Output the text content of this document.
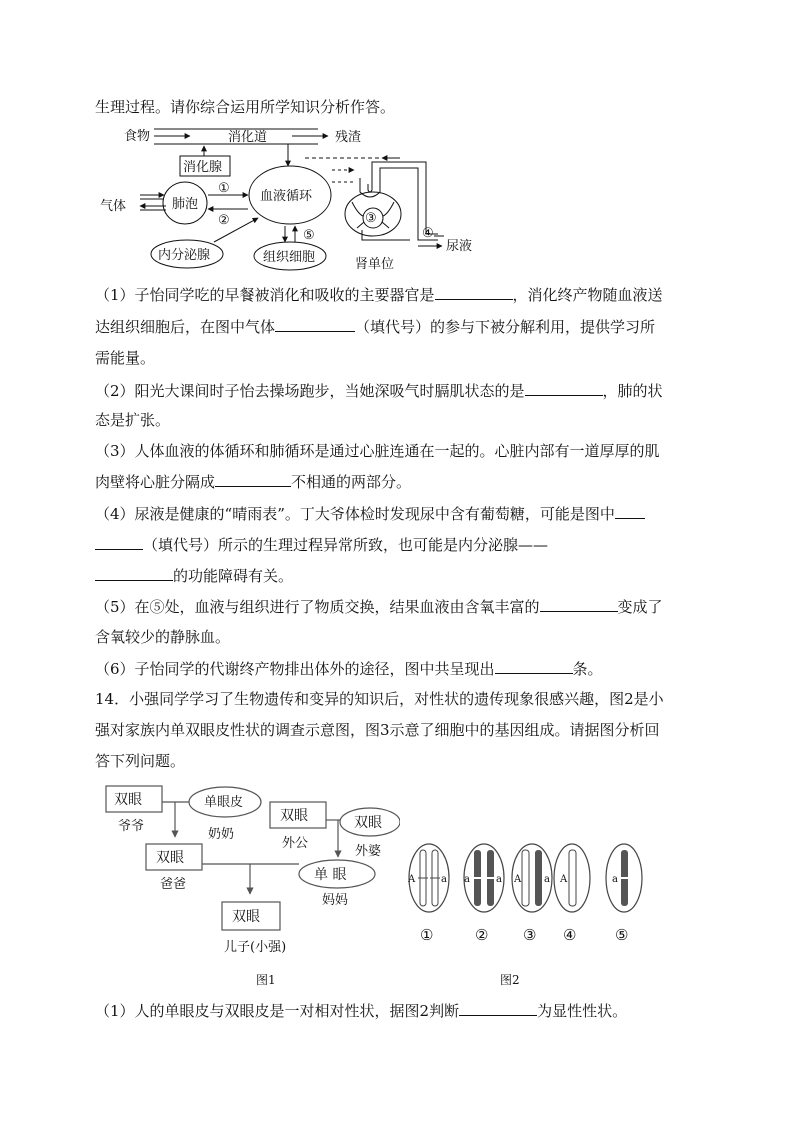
生理过程。请你综合运用所学知识分析作答。
食物	消化道	残渣
消化腺
气体	肺泡
①
②
血液循环
内分泌腺	组织细胞
⑤
③
④
尿液
肾单位
（1）子怡同学吃的早餐被消化和吸收的主要器官是	，消化终产物随血液送
达组织细胞后，在图中气体	（填代号）的参与下被分解利用，提供学习所
需能量。
（2）阳光大课间时子怡去操场跑步，当她深吸气时膈肌状态的是	，肺的状
态是扩张。
（3）人体血液的体循环和肺循环是通过心脏连通在一起的。心脏内部有一道厚厚的肌
肉壁将心脏分隔成	不相通的两部分。
（4）尿液是健康的“晴雨表”。丁大爷体检时发现尿中含有葡萄糖，可能是图中
（填代号）所示的生理过程异常所致，也可能是内分泌腺——
的功能障碍有关。
（5）在⑤处，血液与组织进行了物质交换，结果血液由含氧丰富的	变成了
含氧较少的静脉血。
（6）子怡同学的代谢终产物排出体外的途径，图中共呈现出	条。
14．小强同学学习了生物遗传和变异的知识后，对性状的遗传现象很感兴趣，图2是小
强对家族内单双眼皮性状的调查示意图，图3示意了细胞中的基因组成。请据图分析回
答下列问题。
双眼	单眼皮
爷爷
奶奶
双眼	双眼
外公
外婆
双眼
爸爸
单 眼
妈妈
双眼
儿子(小强)
A	a a	a A a A	a
①	② ③ ④	⑤
图1	图2
（1）人的单眼皮与双眼皮是一对相对性状，据图2判断	为显性性状。
